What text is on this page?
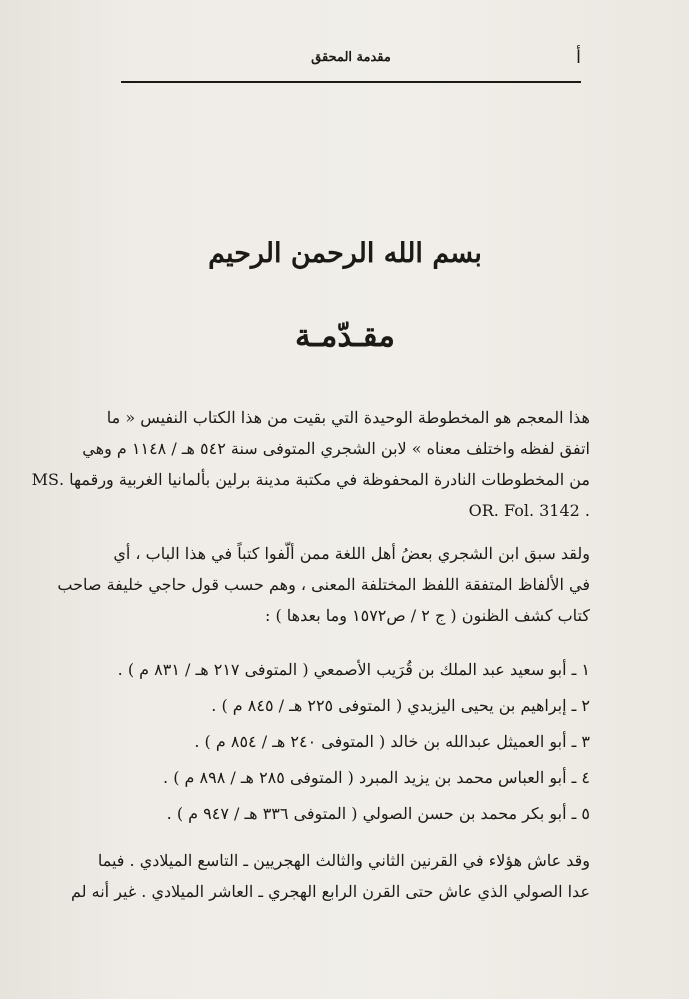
أ
مقدمة المحقق
بسم الله الرحمن الرحيم
مقـدّمـة
هذا المعجم هو المخطوطة الوحيدة التي بقيت من هذا الكتاب النفيس « ما
اتفق لفظه واختلف معناه » لابن الشجري المتوفى سنة ٥٤٢ هـ / ١١٤٨ م وهي
من المخطوطات النادرة المحفوظة في مكتبة مدينة برلين بألمانيا الغربية ورقمها .MS
. OR. Fol. 3142
ولقد سبق ابن الشجري بعضُ أهل اللغة ممن ألّفوا كتباً في هذا الباب ، أي
في الألفاظ المتفقة اللفظ المختلفة المعنى ، وهم حسب قول حاجي خليفة صاحب
كتاب كشف الظنون ( ج ٢ / ص١٥٧٢ وما بعدها ) :
١ ـ أبو سعيد عبد الملك بن قُرَيب الأصمعي ( المتوفى ٢١٧ هـ / ٨٣١ م ) .
٢ ـ إبراهيم بن يحيى اليزيدي ( المتوفى ٢٢٥ هـ / ٨٤٥ م ) .
٣ ـ أبو العميثل عبدالله بن خالد ( المتوفى ٢٤٠ هـ / ٨٥٤ م ) .
٤ ـ أبو العباس محمد بن يزيد المبرد ( المتوفى ٢٨٥ هـ / ٨٩٨ م ) .
٥ ـ أبو بكر محمد بن حسن الصولي ( المتوفى ٣٣٦ هـ / ٩٤٧ م ) .
وقد عاش هؤلاء في القرنين الثاني والثالث الهجريين ـ التاسع الميلادي . فيما
عدا الصولي الذي عاش حتى القرن الرابع الهجري ـ العاشر الميلادي . غير أنه لم
